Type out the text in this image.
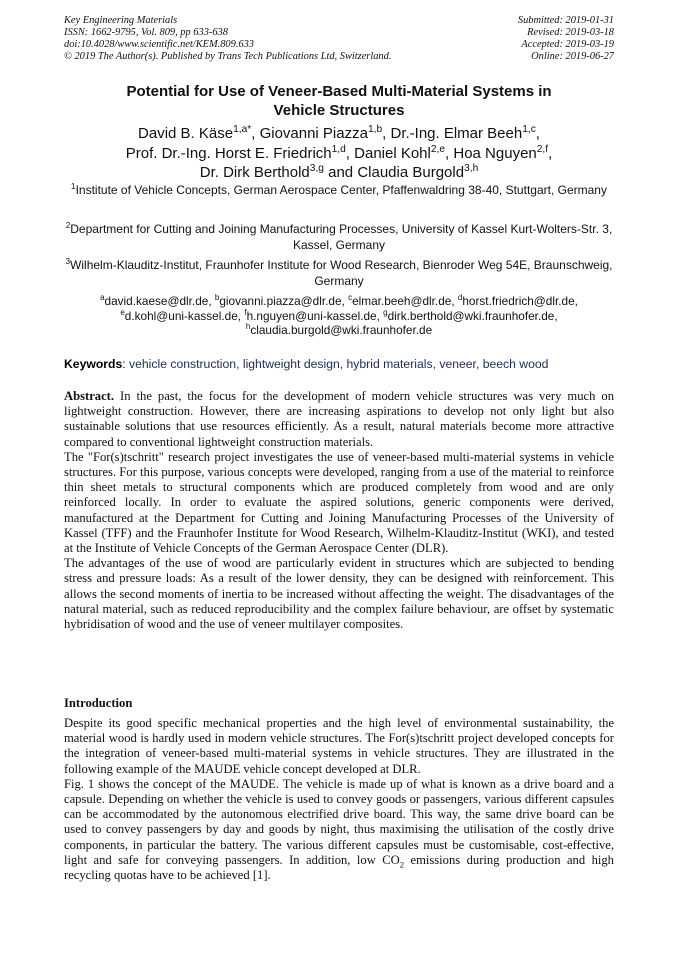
Key Engineering Materials
ISSN: 1662-9795, Vol. 809, pp 633-638
doi:10.4028/www.scientific.net/KEM.809.633
© 2019 The Author(s). Published by Trans Tech Publications Ltd, Switzerland.
Submitted: 2019-01-31
Revised: 2019-03-18
Accepted: 2019-03-19
Online: 2019-06-27
Potential for Use of Veneer-Based Multi-Material Systems in
Vehicle Structures
David B. Käse$^{1,a*}$, Giovanni Piazza$^{1,b}$, Dr.-Ing. Elmar Beeh$^{1,c}$,
Prof. Dr.-Ing. Horst E. Friedrich$^{1,d}$, Daniel Kohl$^{2,e}$, Hoa Nguyen$^{2,f}$,
Dr. Dirk Berthold$^{3,g}$ and Claudia Burgold$^{3,h}$
$^1$Institute of Vehicle Concepts, German Aerospace Center, Pfaffenwaldring 38-40, Stuttgart, Germany
$^2$Department for Cutting and Joining Manufacturing Processes, University of Kassel Kurt-Wolters-Str. 3, Kassel, Germany
$^3$Wilhelm-Klauditz-Institut, Fraunhofer Institute for Wood Research, Bienroder Weg 54E, Braunschweig, Germany
$^a$david.kaese@dlr.de, $^b$giovanni.piazza@dlr.de, $^c$elmar.beeh@dlr.de, $^d$horst.friedrich@dlr.de,
$^e$d.kohl@uni-kassel.de, $^f$h.nguyen@uni-kassel.de, $^g$dirk.berthold@wki.fraunhofer.de,
$^h$claudia.burgold@wki.fraunhofer.de
Keywords: vehicle construction, lightweight design, hybrid materials, veneer, beech wood

Abstract. In the past, the focus for the development of modern vehicle structures was very much on lightweight construction. However, there are increasing aspirations to develop not only light but also sustainable solutions that use resources efficiently. As a result, natural materials become more attractive compared to conventional lightweight construction materials.

The "For(s)tschritt" research project investigates the use of veneer-based multi-material systems in vehicle structures. For this purpose, various concepts were developed, ranging from a use of the material to reinforce thin sheet metals to structural components which are produced completely from wood and are only reinforced locally. In order to evaluate the aspired solutions, generic components were derived, manufactured at the Department for Cutting and Joining Manufacturing Processes of the University of Kassel (TFF) and the Fraunhofer Institute for Wood Research, Wilhelm-Klauditz-Institut (WKI), and tested at the Institute of Vehicle Concepts of the German Aerospace Center (DLR).

The advantages of the use of wood are particularly evident in structures which are subjected to bending stress and pressure loads: As a result of the lower density, they can be designed with reinforcement. This allows the second moments of inertia to be increased without affecting the weight. The disadvantages of the natural material, such as reduced reproducibility and the complex failure behaviour, are offset by systematic hybridisation of wood and the use of veneer multilayer composites.

Introduction

Despite its good specific mechanical properties and the high level of environmental sustainability, the material wood is hardly used in modern vehicle structures. The For(s)tschritt project developed concepts for the integration of veneer-based multi-material systems in vehicle structures. They are illustrated in the following example of the MAUDE vehicle concept developed at DLR.

Fig. 1 shows the concept of the MAUDE. The vehicle is made up of what is known as a drive board and a capsule. Depending on whether the vehicle is used to convey goods or passengers, various different capsules can be accommodated by the autonomous electrified drive board. This way, the same drive board can be used to convey passengers by day and goods by night, thus maximising the utilisation of the costly drive components, in particular the battery. The various different capsules must be customisable, cost-effective, light and safe for conveying passengers. In addition, low $CO_2$ emissions during production and high recycling quotas have to be achieved [1].
